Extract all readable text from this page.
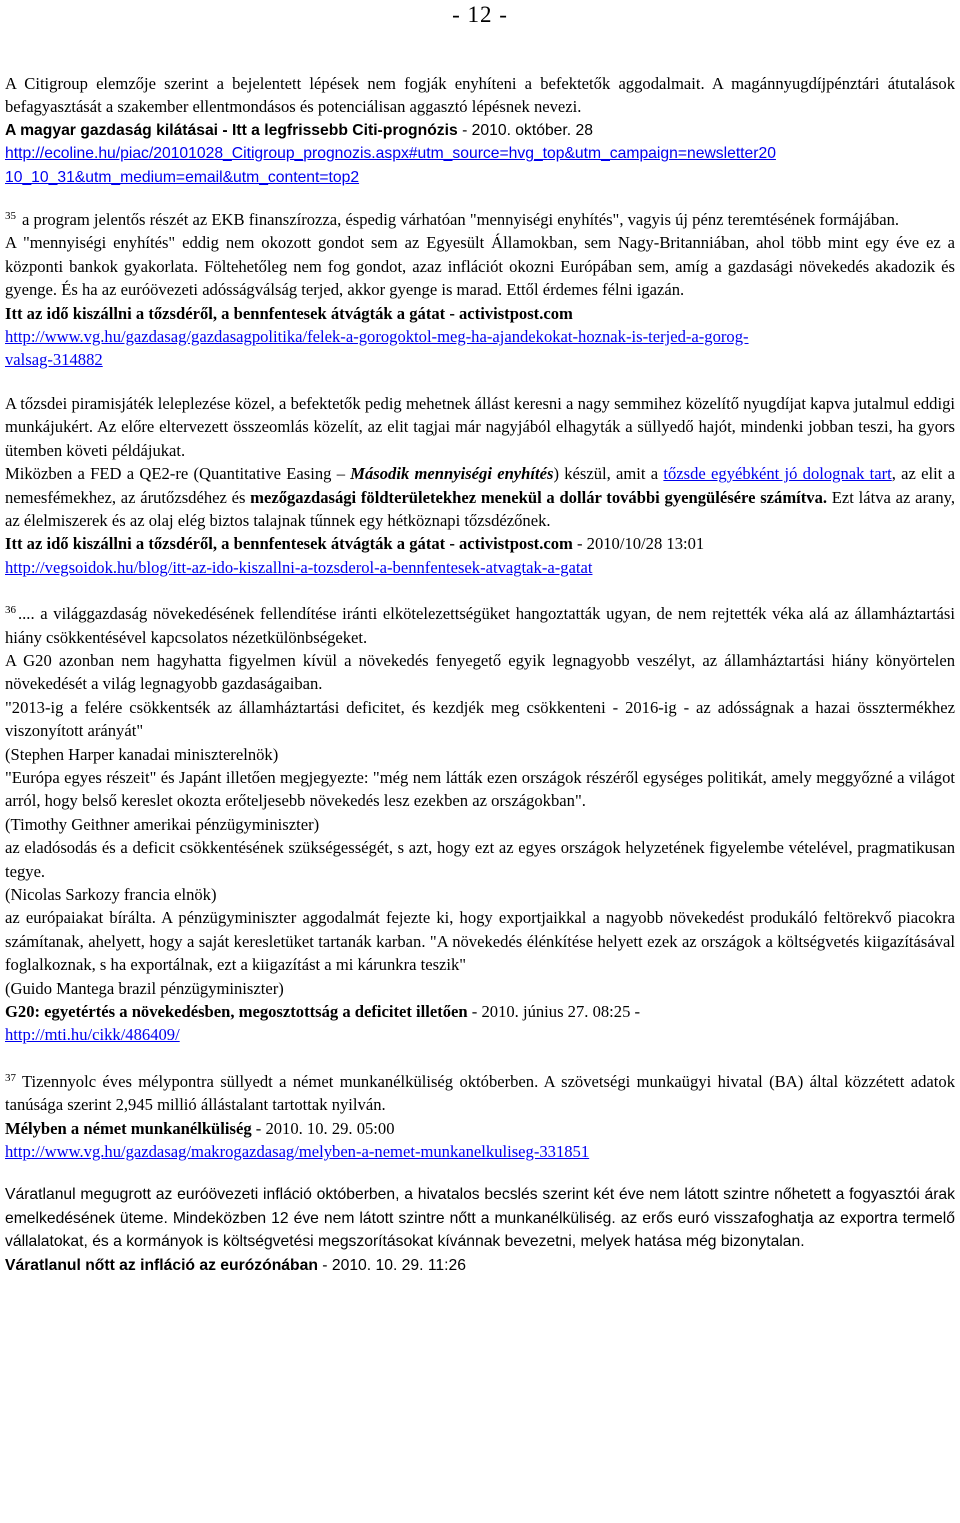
- 12 -

A Citigroup elemzője szerint a bejelentett lépések nem fogják enyhíteni a befektetők aggodalmait. A magánnyugdíjpénztári átutalások befagyasztását a szakember ellentmondásos és potenciálisan aggasztó lépésnek nevezi.

A magyar gazdaság kilátásai - Itt a legfrissebb Citi-prognózis - 2010. október. 28

http://ecoline.hu/piac/20101028_Citigroup_prognozis.aspx#utm_source=hvg_top&utm_campaign=newsletter20
10_10_31&utm_medium=email&utm_content=top2

$^{35}$ a program jelentős részét az EKB finanszírozza, éspedig várhatóan "mennyiségi enyhítés", vagyis új pénz teremtésének formájában.

A "mennyiségi enyhítés" eddig nem okozott gondot sem az Egyesült Államokban, sem Nagy-Britanniában, ahol több mint egy éve ez a központi bankok gyakorlata. Föltehetőleg nem fog gondot, azaz inflációt okozni Európában sem, amíg a gazdasági növekedés akadozik és gyenge. És ha az euróövezeti adósságválság terjed, akkor gyenge is marad. Ettől érdemes félni igazán.

Itt az idő kiszállni a tőzsdéről, a bennfentesek átvágták a gátat - activistpost.com

http://www.vg.hu/gazdasag/gazdasagpolitika/felek-a-gorogoktol-meg-ha-ajandekokat-hoznak-is-terjed-a-gorog-
valsag-314882

A tőzsdei piramisjáték leleplezése közel, a befektetők pedig mehetnek állást keresni a nagy semmihez közelítő nyugdíjat kapva jutalmul eddigi munkájukért. Az előre eltervezett összeomlás közelít, az elit tagjai már nagyjából elhagyták a süllyedő hajót, mindenki jobban teszi, ha gyors ütemben követi példájukat.

Miközben a FED a QE2-re (Quantitative Easing – Második mennyiségi enyhítés) készül, amit a tőzsde egyébként jó dolognak tart, az elit a nemesfémekhez, az árutőzsdéhez és mezőgazdasági földterületekhez menekül a dollár további gyengülésére számítva. Ezt látva az arany, az élelmiszerek és az olaj elég biztos talajnak tűnnek egy hétköznapi tőzsdézőnek.

Itt az idő kiszállni a tőzsdéről, a bennfentesek átvágták a gátat - activistpost.com - 2010/10/28 13:01

http://vegsoidok.hu/blog/itt-az-ido-kiszallni-a-tozsderol-a-bennfentesek-atvagtak-a-gatat

$^{36}$ .... a világgazdaság növekedésének fellendítése iránti elkötelezettségüket hangoztatták ugyan, de nem rejtették véka alá az államháztartási hiány csökkentésével kapcsolatos nézetkülönbségeket.

A G20 azonban nem hagyhatta figyelmen kívül a növekedés fenyegető egyik legnagyobb veszélyt, az államháztartási hiány könyörtelen növekedését a világ legnagyobb gazdaságaiban.

"2013-ig a felére csökkentsék az államháztartási deficitet, és kezdjék meg csökkenteni - 2016-ig - az adósságnak a hazai össztermékhez viszonyított arányát"

(Stephen Harper kanadai miniszterelnök)

"Európa egyes részeit" és Japánt illetően megjegyezte: "még nem látták ezen országok részéről egységes politikát, amely meggyőzné a világot arról, hogy belső kereslet okozta erőteljesebb növekedés lesz ezekben az országokban".

(Timothy Geithner amerikai pénzügyminiszter)

az eladósodás és a deficit csökkentésének szükségességét, s azt, hogy ezt az egyes országok helyzetének figyelembe vételével, pragmatikusan tegye.

(Nicolas Sarkozy francia elnök)

az európaiakat bírálta. A pénzügyminiszter aggodalmát fejezte ki, hogy exportjaikkal a nagyobb növekedést produkáló feltörekvő piacokra számítanak, ahelyett, hogy a saját keresletüket tartanák karban. "A növekedés élénkítése helyett ezek az országok a költségvetés kiigazításával foglalkoznak, s ha exportálnak, ezt a kiigazítást a mi kárunkra teszik"

(Guido Mantega brazil pénzügyminiszter)

G20: egyetértés a növekedésben, megosztottság a deficitet illetően - 2010. június 27. 08:25 -

http://mti.hu/cikk/486409/

$^{37}$ Tizennyolc éves mélypontra süllyedt a német munkanélküliség októberben. A szövetségi munkaügyi hivatal (BA) által közzétett adatok tanúsága szerint 2,945 millió állástalant tartottak nyilván.

Mélyben a német munkanélküliség - 2010. 10. 29. 05:00

http://www.vg.hu/gazdasag/makrogazdasag/melyben-a-nemet-munkanelkuliseg-331851

Váratlanul megugrott az euróövezeti infláció októberben, a hivatalos becslés szerint két éve nem látott szintre nőhetett a fogyasztói árak emelkedésének üteme. Mindeközben 12 éve nem látott szintre nőtt a munkanélküliség. az erős euró visszafoghatja az exportra termelő vállalatokat, és a kormányok is költségvetési megszorításokat kívánnak bevezetni, melyek hatása még bizonytalan.

Váratlanul nőtt az infláció az eurózónában - 2010. 10. 29. 11:26
